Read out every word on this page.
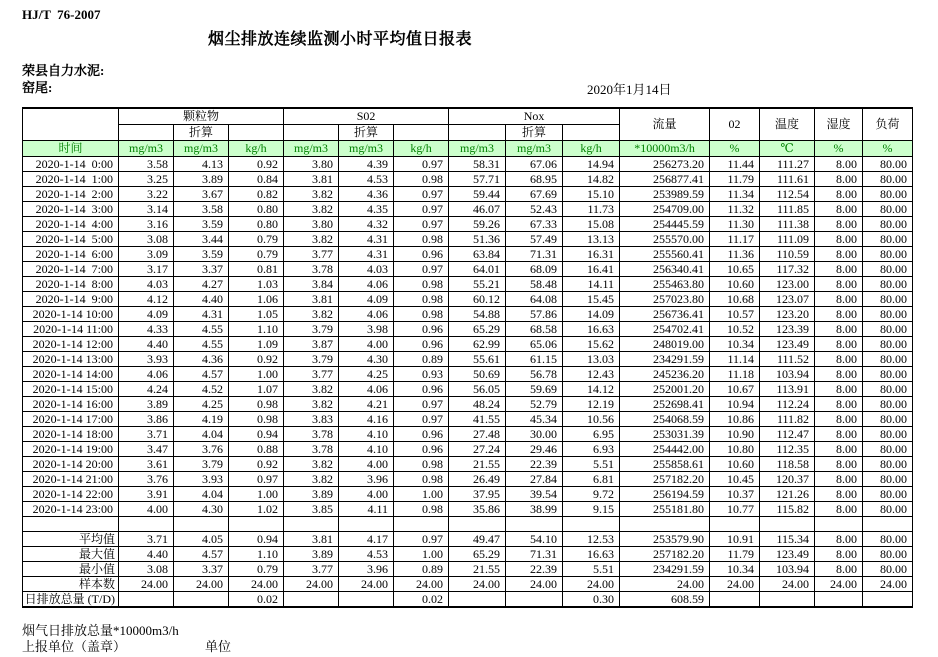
HJ/T  76-2007
烟尘排放连续监测小时平均值日报表
荣县自力水泥:
窑尾:	2020年1月14日
	颗粒物			S02			Nox			流量	02	温度	湿度	负荷
		折算			折算			折算						
时间	mg/m3	mg/m3	kg/h	mg/m3	mg/m3	kg/h	mg/m3	mg/m3	kg/h	*10000m3/h	%	℃	%	%
2020-1-14  0:00	3.58	4.13	0.92	3.80	4.39	0.97	58.31	67.06	14.94	256273.20	11.44	111.27	8.00	80.00
2020-1-14  1:00	3.25	3.89	0.84	3.81	4.53	0.98	57.71	68.95	14.82	256877.41	11.79	111.61	8.00	80.00
2020-1-14  2:00	3.22	3.67	0.82	3.82	4.36	0.97	59.44	67.69	15.10	253989.59	11.34	112.54	8.00	80.00
2020-1-14  3:00	3.14	3.58	0.80	3.82	4.35	0.97	46.07	52.43	11.73	254709.00	11.32	111.85	8.00	80.00
2020-1-14  4:00	3.16	3.59	0.80	3.80	4.32	0.97	59.26	67.33	15.08	254445.59	11.30	111.38	8.00	80.00
2020-1-14  5:00	3.08	3.44	0.79	3.82	4.31	0.98	51.36	57.49	13.13	255570.00	11.17	111.09	8.00	80.00
2020-1-14  6:00	3.09	3.59	0.79	3.77	4.31	0.96	63.84	71.31	16.31	255560.41	11.36	110.59	8.00	80.00
2020-1-14  7:00	3.17	3.37	0.81	3.78	4.03	0.97	64.01	68.09	16.41	256340.41	10.65	117.32	8.00	80.00
2020-1-14  8:00	4.03	4.27	1.03	3.84	4.06	0.98	55.21	58.48	14.11	255463.80	10.60	123.00	8.00	80.00
2020-1-14  9:00	4.12	4.40	1.06	3.81	4.09	0.98	60.12	64.08	15.45	257023.80	10.68	123.07	8.00	80.00
2020-1-14 10:00	4.09	4.31	1.05	3.82	4.06	0.98	54.88	57.86	14.09	256736.41	10.57	123.20	8.00	80.00
2020-1-14 11:00	4.33	4.55	1.10	3.79	3.98	0.96	65.29	68.58	16.63	254702.41	10.52	123.39	8.00	80.00
2020-1-14 12:00	4.40	4.55	1.09	3.87	4.00	0.96	62.99	65.06	15.62	248019.00	10.34	123.49	8.00	80.00
2020-1-14 13:00	3.93	4.36	0.92	3.79	4.30	0.89	55.61	61.15	13.03	234291.59	11.14	111.52	8.00	80.00
2020-1-14 14:00	4.06	4.57	1.00	3.77	4.25	0.93	50.69	56.78	12.43	245236.20	11.18	103.94	8.00	80.00
2020-1-14 15:00	4.24	4.52	1.07	3.82	4.06	0.96	56.05	59.69	14.12	252001.20	10.67	113.91	8.00	80.00
2020-1-14 16:00	3.89	4.25	0.98	3.82	4.21	0.97	48.24	52.79	12.19	252698.41	10.94	112.24	8.00	80.00
2020-1-14 17:00	3.86	4.19	0.98	3.83	4.16	0.97	41.55	45.34	10.56	254068.59	10.86	111.82	8.00	80.00
2020-1-14 18:00	3.71	4.04	0.94	3.78	4.10	0.96	27.48	30.00	6.95	253031.39	10.90	112.47	8.00	80.00
2020-1-14 19:00	3.47	3.76	0.88	3.78	4.10	0.96	27.24	29.46	6.93	254442.00	10.80	112.35	8.00	80.00
2020-1-14 20:00	3.61	3.79	0.92	3.82	4.00	0.98	21.55	22.39	5.51	255858.61	10.60	118.58	8.00	80.00
2020-1-14 21:00	3.76	3.93	0.97	3.82	3.96	0.98	26.49	27.84	6.81	257182.20	10.45	120.37	8.00	80.00
2020-1-14 22:00	3.91	4.04	1.00	3.89	4.00	1.00	37.95	39.54	9.72	256194.59	10.37	121.26	8.00	80.00
2020-1-14 23:00	4.00	4.30	1.02	3.85	4.11	0.98	35.86	38.99	9.15	255181.80	10.77	115.82	8.00	80.00

平均值	3.71	4.05	0.94	3.81	4.17	0.97	49.47	54.10	12.53	253579.90	10.91	115.34	8.00	80.00

最大值	4.40	4.57	1.10	3.89	4.53	1.00	65.29	71.31	16.63	257182.20	11.79	123.49	8.00	80.00

最小值	3.08	3.37	0.79	3.77	3.96	0.89	21.55	22.39	5.51	234291.59	10.34	103.94	8.00	80.00

样本数	24.00	24.00	24.00	24.00	24.00	24.00	24.00	24.00	24.00	24.00	24.00	24.00	24.00	24.00

日排放总量 (T/D)			0.02			0.02			0.30	608.59				
烟气日排放总量*10000m3/h
上报单位（盖章）	单位
